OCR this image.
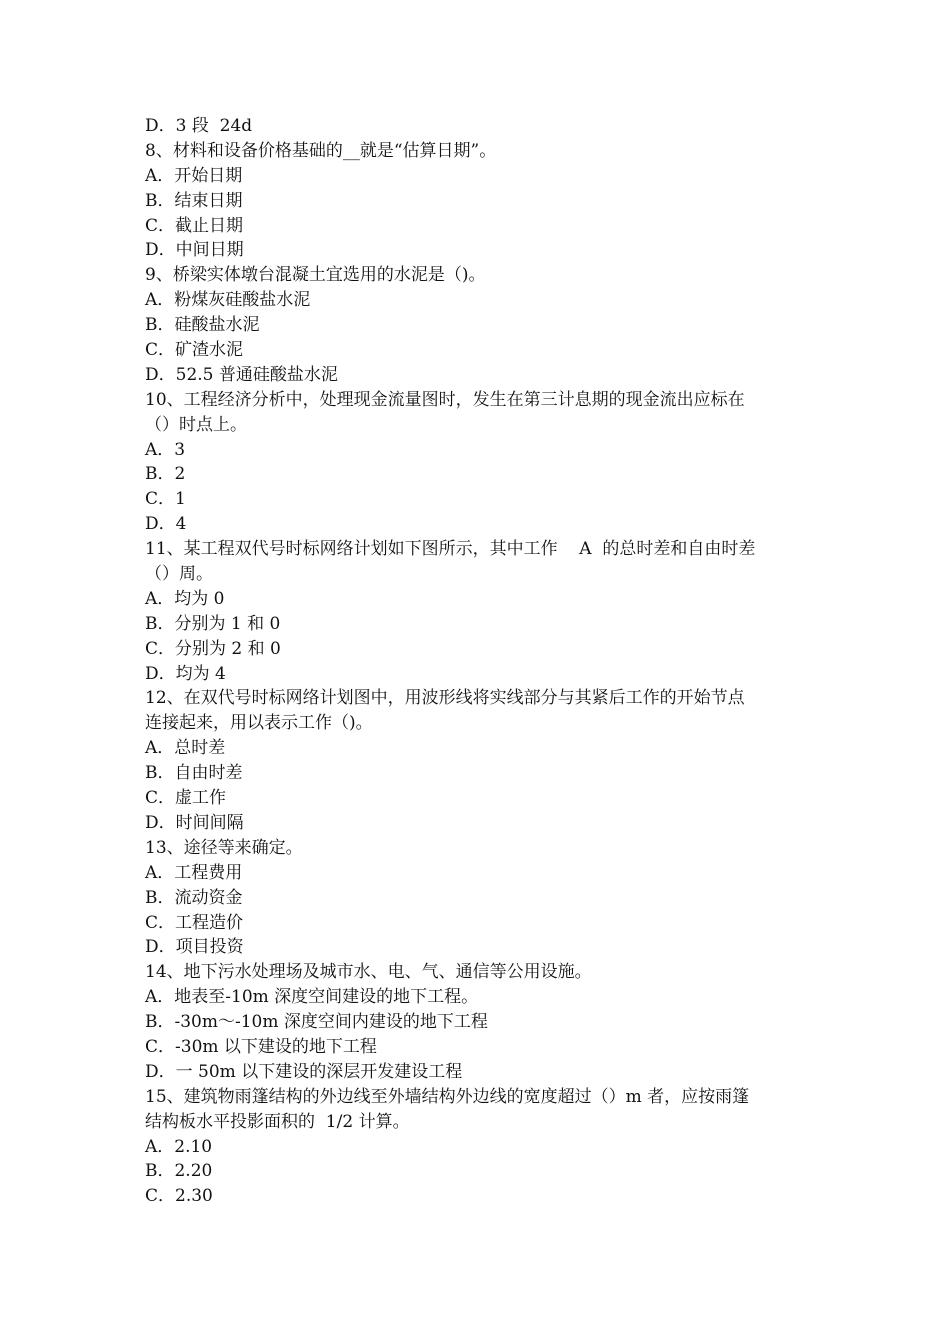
D．3 段  24d

8、材料和设备价格基础的__就是“估算日期”。

A．开始日期

B．结束日期

C．截止日期

D．中间日期

9、桥梁实体墩台混凝土宜选用的水泥是（)。

A．粉煤灰硅酸盐水泥

B．硅酸盐水泥

C．矿渣水泥

D．52.5 普通硅酸盐水泥

10、工程经济分析中，处理现金流量图时，发生在第三计息期的现金流出应标在

（）时点上。

A．3

B．2

C．1

D．4

11、某工程双代号时标网络计划如下图所示，其中工作    A  的总时差和自由时差

（）周。

A．均为 0

B．分别为 1 和 0

C．分别为 2 和 0

D．均为 4

12、在双代号时标网络计划图中，用波形线将实线部分与其紧后工作的开始节点

连接起来，用以表示工作（)。

A．总时差

B．自由时差

C．虚工作

D．时间间隔

13、途径等来确定。

A．工程费用

B．流动资金

C．工程造价

D．项目投资

14、地下污水处理场及城市水、电、气、通信等公用设施。

A．地表至-10m 深度空间建设的地下工程。

B．-30m～-10m 深度空间内建设的地下工程

C．-30m 以下建设的地下工程

D．一 50m 以下建设的深层开发建设工程

15、建筑物雨篷结构的外边线至外墙结构外边线的宽度超过（）m 者，应按雨篷

结构板水平投影面积的  1/2 计算。

A．2.10

B．2.20

C．2.30
